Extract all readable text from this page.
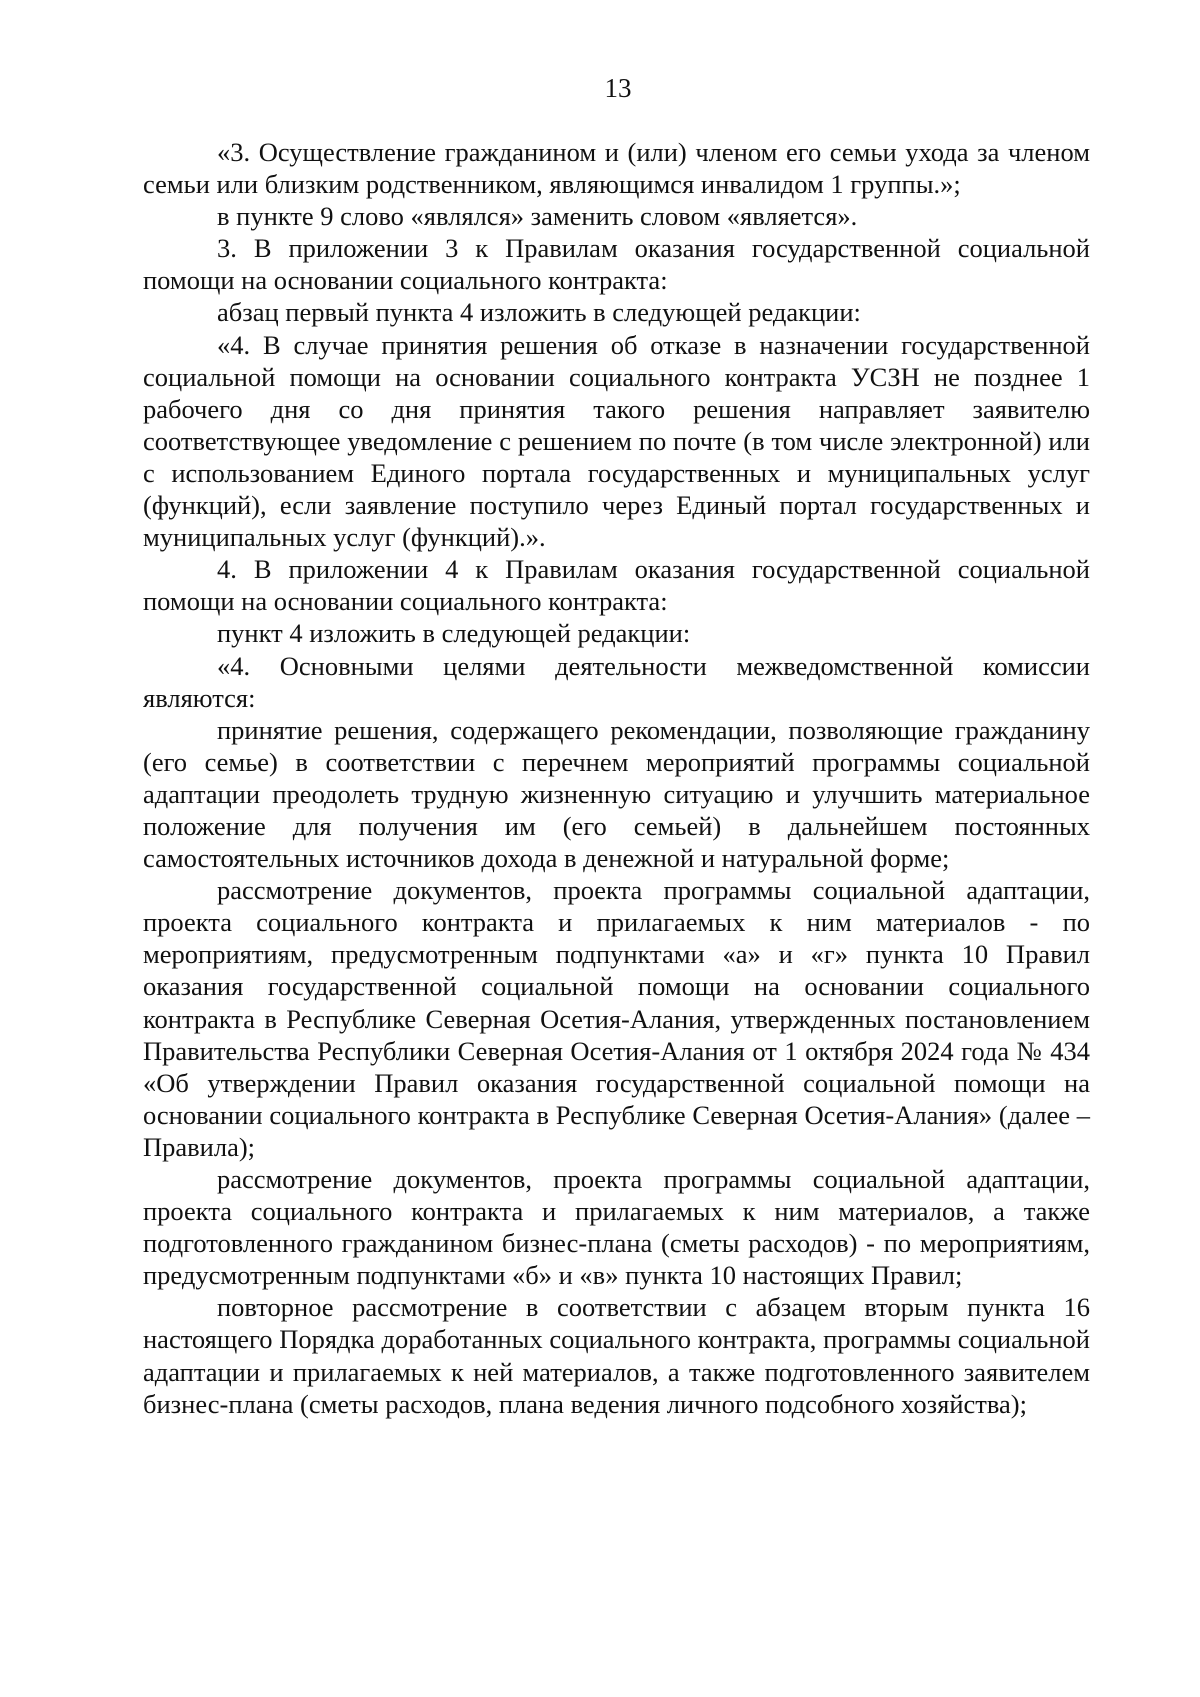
13

«3. Осуществление гражданином и (или) членом его семьи ухода за членом семьи или близким родственником, являющимся инвалидом 1 группы.»;

в пункте 9 слово «являлся» заменить словом «является».

3. В приложении 3 к Правилам оказания государственной социальной помощи на основании социального контракта:

абзац первый пункта 4 изложить в следующей редакции:

«4. В случае принятия решения об отказе в назначении государственной социальной помощи на основании социального контракта УСЗН не позднее 1 рабочего дня со дня принятия такого решения направляет заявителю соответствующее уведомление с решением по почте (в том числе электронной) или с использованием Единого портала государственных и муниципальных услуг (функций), если заявление поступило через Единый портал государственных и муниципальных услуг (функций).».

4. В приложении 4 к Правилам оказания государственной социальной помощи на основании социального контракта:

пункт 4 изложить в следующей редакции:

«4. Основными целями деятельности межведомственной комиссии являются:

принятие решения, содержащего рекомендации, позволяющие гражданину (его семье) в соответствии с перечнем мероприятий программы социальной адаптации преодолеть трудную жизненную ситуацию и улучшить материальное положение для получения им (его семьей) в дальнейшем постоянных самостоятельных источников дохода в денежной и натуральной форме;

рассмотрение документов, проекта программы социальной адаптации, проекта социального контракта и прилагаемых к ним материалов - по мероприятиям, предусмотренным подпунктами «а» и «г» пункта 10 Правил оказания государственной социальной помощи на основании социального контракта в Республике Северная Осетия-Алания, утвержденных постановлением Правительства Республики Северная Осетия-Алания от 1 октября 2024 года № 434 «Об утверждении Правил оказания государственной социальной помощи на основании социального контракта в Республике Северная Осетия-Алания» (далее – Правила);

рассмотрение документов, проекта программы социальной адаптации, проекта социального контракта и прилагаемых к ним материалов, а также подготовленного гражданином бизнес-плана (сметы расходов) - по мероприятиям, предусмотренным подпунктами «б» и «в» пункта 10 настоящих Правил;

повторное рассмотрение в соответствии с абзацем вторым пункта 16 настоящего Порядка доработанных социального контракта, программы социальной адаптации и прилагаемых к ней материалов, а также подготовленного заявителем бизнес-плана (сметы расходов, плана ведения личного подсобного хозяйства);
